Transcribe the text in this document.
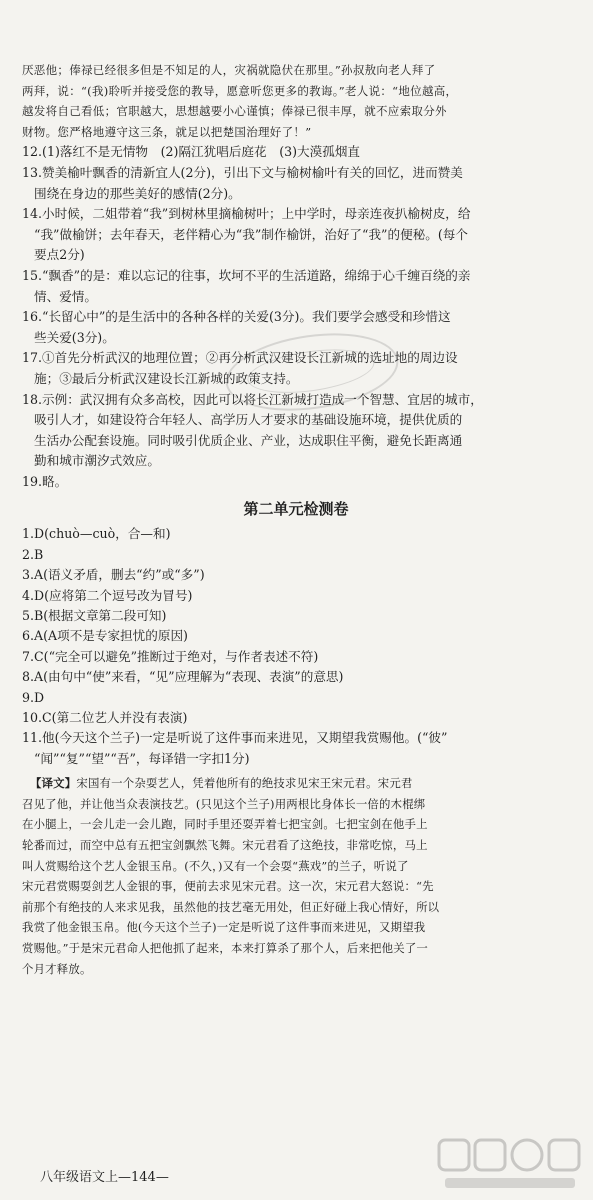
厌恶他；俸禄已经很多但是不知足的人，灾祸就隐伏在那里。”孙叔敖向老人拜了
两拜，说：“(我)聆听并接受您的教导，愿意听您更多的教诲。”老人说：“地位越高，
越发将自己看低；官职越大，思想越要小心谨慎；俸禄已很丰厚，就不应索取分外
财物。您严格地遵守这三条，就足以把楚国治理好了！”
12.(1)落红不是无情物　(2)隔江犹唱后庭花　(3)大漠孤烟直
13.赞美榆叶飘香的清新宜人(2分)，引出下文与榆树榆叶有关的回忆，进而赞美
围绕在身边的那些美好的感情(2分)。
14.小时候，二姐带着“我”到树林里摘榆树叶；上中学时，母亲连夜扒榆树皮，给
“我”做榆饼；去年春天，老伴精心为“我”制作榆饼，治好了“我”的便秘。(每个
要点2分)
15.“飘香”的是：难以忘记的往事，坎坷不平的生活道路，绵绵于心千缠百绕的亲
情、爱情。
16.“长留心中”的是生活中的各种各样的关爱(3分)。我们要学会感受和珍惜这
些关爱(3分)。
17.①首先分析武汉的地理位置；②再分析武汉建设长江新城的选址地的周边设
施；③最后分析武汉建设长江新城的政策支持。
18.示例：武汉拥有众多高校，因此可以将长江新城打造成一个智慧、宜居的城市，
吸引人才，如建设符合年轻人、高学历人才要求的基础设施环境，提供优质的
生活办公配套设施。同时吸引优质企业、产业，达成职住平衡，避免长距离通
勤和城市潮汐式效应。
19.略。
第二单元检测卷
1.D(chuò—cuò，合—和)
2.B
3.A(语义矛盾，删去“约”或“多”)
4.D(应将第二个逗号改为冒号)
5.B(根据文章第二段可知)
6.A(A项不是专家担忧的原因)
7.C(“完全可以避免”推断过于绝对，与作者表述不符)
8.A(由句中“使”来看，“见”应理解为“表现、表演”的意思)
9.D
10.C(第二位艺人并没有表演)
11.他(今天这个兰子)一定是听说了这件事而来进见，又期望我赏赐他。(“彼”
“闻”“复”“望”“吾”，每译错一字扣1分)
【译文】宋国有一个杂耍艺人，凭着他所有的绝技求见宋王宋元君。宋元君
召见了他，并让他当众表演技艺。(只见这个兰子)用两根比身体长一倍的木棍绑
在小腿上，一会儿走一会儿跑，同时手里还耍弄着七把宝剑。七把宝剑在他手上
轮番而过，而空中总有五把宝剑飘然飞舞。宋元君看了这绝技，非常吃惊，马上
叫人赏赐给这个艺人金银玉帛。(不久，)又有一个会耍“燕戏”的兰子，听说了
宋元君赏赐耍剑艺人金银的事，便前去求见宋元君。这一次，宋元君大怒说：“先
前那个有绝技的人来求见我，虽然他的技艺毫无用处，但正好碰上我心情好，所以
我赏了他金银玉帛。他(今天这个兰子)一定是听说了这件事而来进见，又期望我
赏赐他。”于是宋元君命人把他抓了起来，本来打算杀了那个人，后来把他关了一
个月才释放。
八年级语文上—144—
